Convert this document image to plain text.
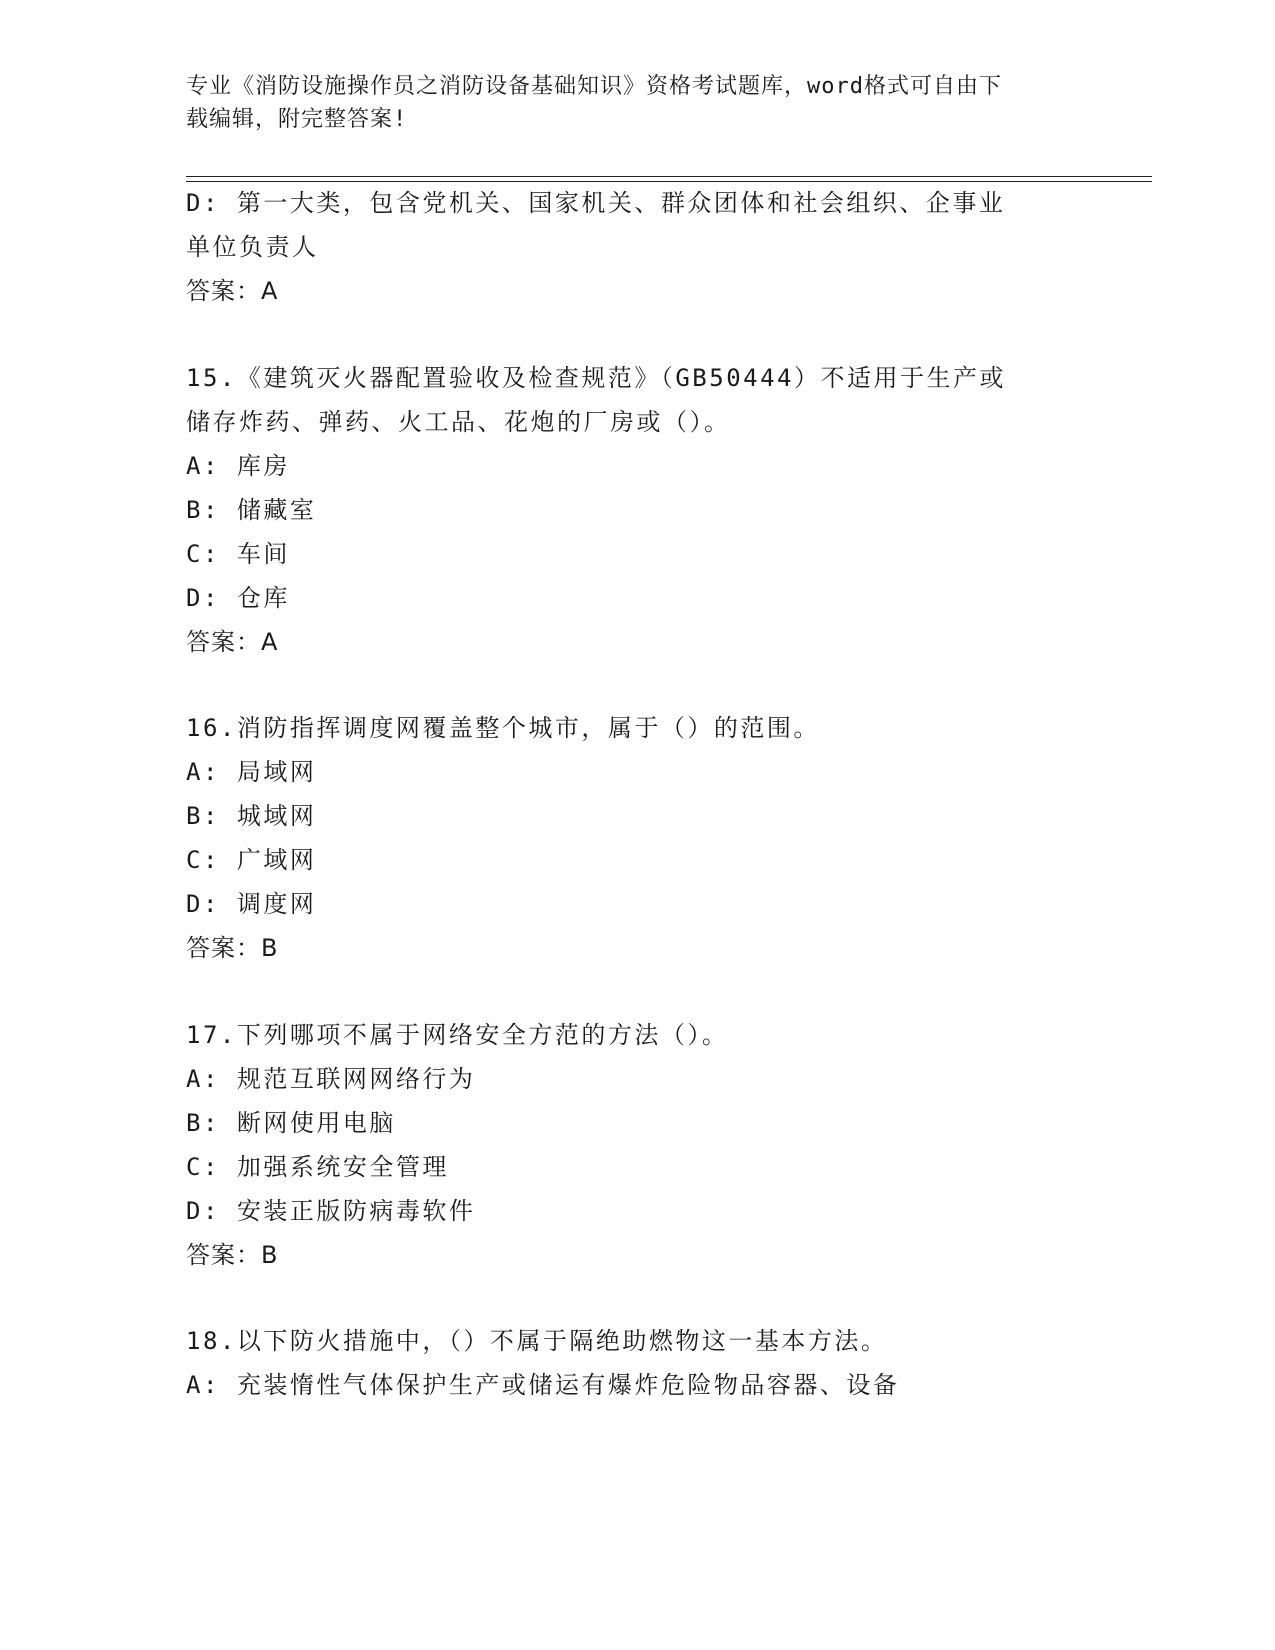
专业《消防设施操作员之消防设备基础知识》资格考试题库，word格式可自由下
载编辑，附完整答案!
D: 第一大类，包含党机关、国家机关、群众团体和社会组织、企事业
单位负责人
答案：A
15.《建筑灭火器配置验收及检查规范》（GB50444）不适用于生产或
储存炸药、弹药、火工品、花炮的厂房或（）。
A: 库房
B: 储藏室
C: 车间
D: 仓库
答案：A
16.消防指挥调度网覆盖整个城市，属于（）的范围。
A: 局域网
B: 城域网
C: 广域网
D: 调度网
答案：B
17.下列哪项不属于网络安全方范的方法（）。
A: 规范互联网网络行为
B: 断网使用电脑
C: 加强系统安全管理
D: 安装正版防病毒软件
答案：B
18.以下防火措施中，（）不属于隔绝助燃物这一基本方法。
A: 充装惰性气体保护生产或储运有爆炸危险物品容器、设备
